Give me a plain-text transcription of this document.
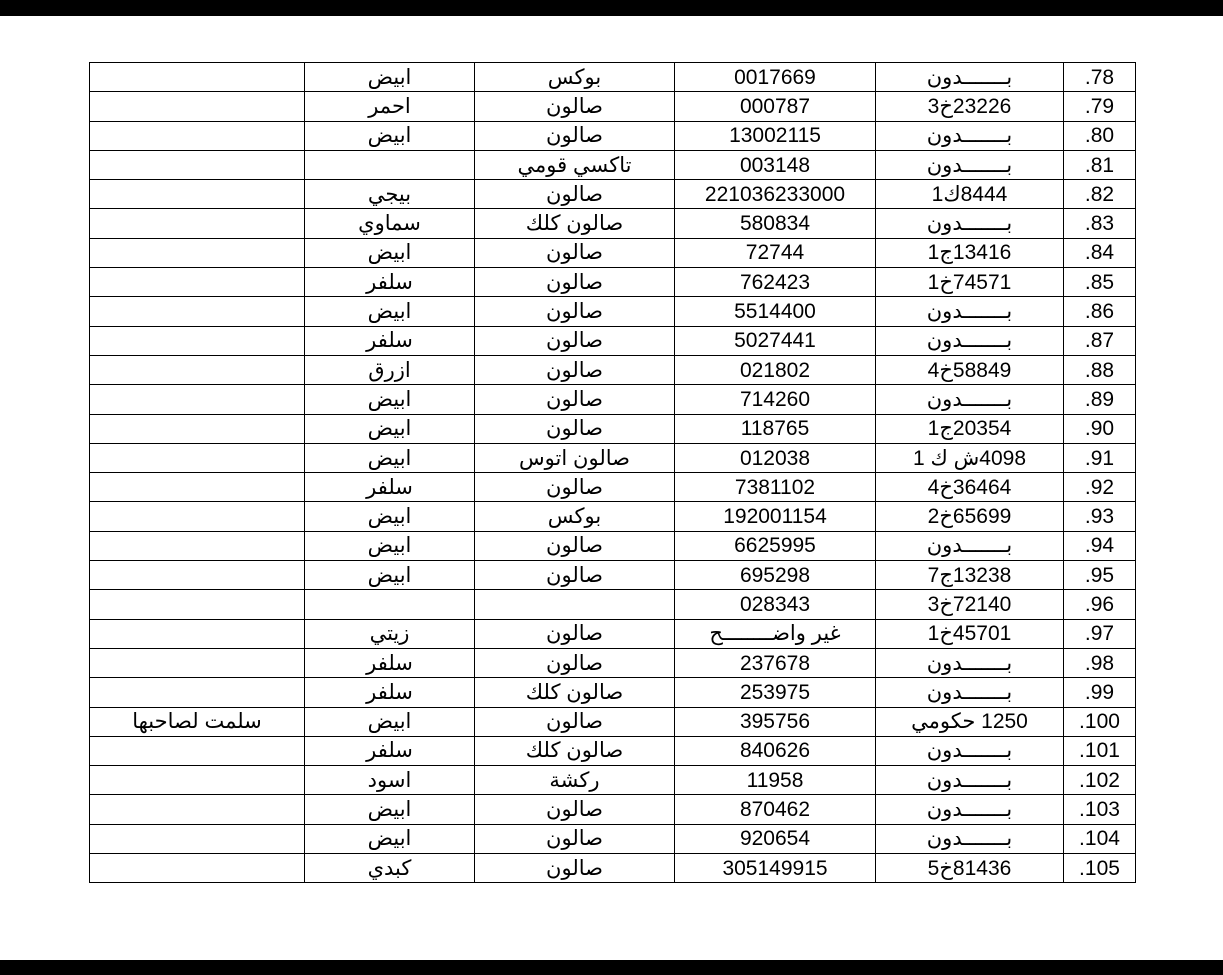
	ابيض	بوكس	0017669	بـــــــدون	78.
	احمر	صالون	000787	23226خ3	79.
	ابيض	صالون	13002115	بـــــــدون	80.
		تاكسي قومي	003148	بـــــــدون	81.
	بيجي	صالون	221036233000	8444ك1	82.
	سماوي	صالون كلك	580834	بـــــــدون	83.
	ابيض	صالون	72744	13416ج1	84.
	سلفر	صالون	762423	74571خ1	85.
	ابيض	صالون	5514400	بـــــــدون	86.
	سلفر	صالون	5027441	بـــــــدون	87.
	ازرق	صالون	021802	58849خ4	88.
	ابيض	صالون	714260	بـــــــدون	89.
	ابيض	صالون	118765	20354ج1	90.
	ابيض	صالون اتوس	012038	4098ش ك 1	91.
	سلفر	صالون	7381102	36464خ4	92.
	ابيض	بوكس	192001154	65699خ2	93.
	ابيض	صالون	6625995	بـــــــدون	94.
	ابيض	صالون	695298	13238ج7	95.
			028343	72140خ3	96.
	زيتي	صالون	غير واضــــــــح	45701خ1	97.
	سلفر	صالون	237678	بـــــــدون	98.
	سلفر	صالون كلك	253975	بـــــــدون	99.
سلمت لصاحبها	ابيض	صالون	395756	1250 حكومي	100.
	سلفر	صالون كلك	840626	بـــــــدون	101.
	اسود	ركشة	11958	بـــــــدون	102.
	ابيض	صالون	870462	بـــــــدون	103.
	ابيض	صالون	920654	بـــــــدون	104.
	كبدي	صالون	305149915	81436خ5	105.
